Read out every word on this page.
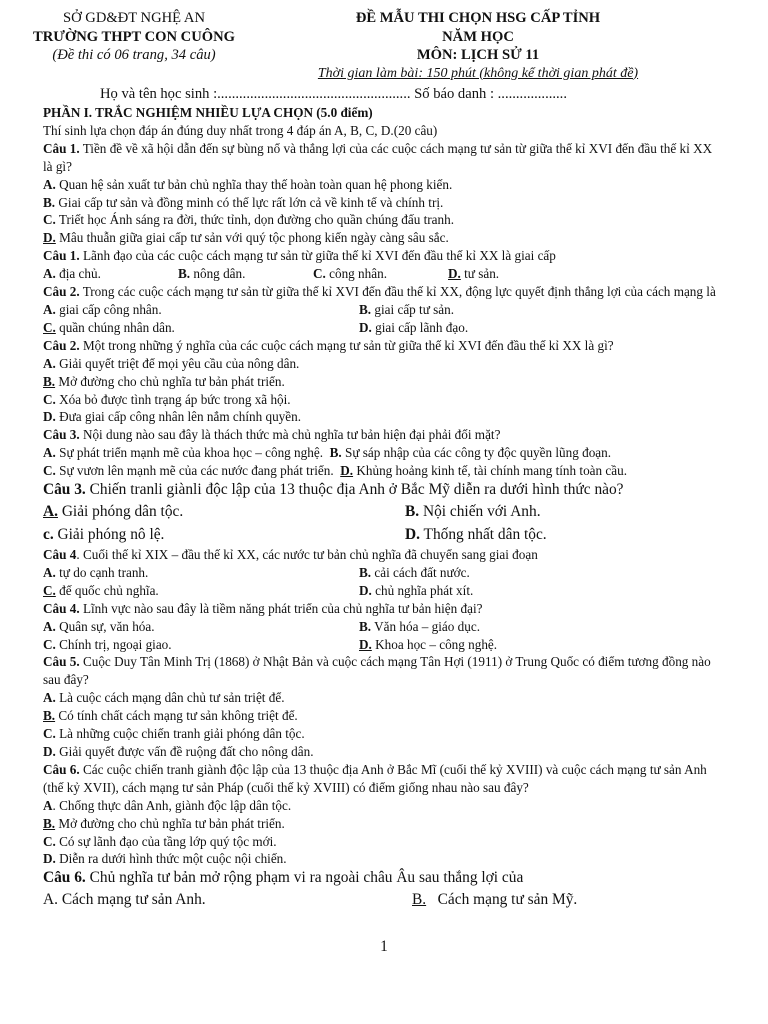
SỞ GD&ĐT NGHỆ AN
TRƯỜNG THPT CON CUÔNG
(Đề thi có 06 trang, 34 câu)
ĐỀ MẪU THI CHỌN HSG CẤP TỈNH
NĂM HỌC
MÔN: LỊCH SỬ 11
Thời gian làm bài: 150 phút (không kể thời gian phát đề)
Họ và tên học sinh :..................................................... Số báo danh : ...................
PHẦN I. TRẮC NGHIỆM NHIỀU LỰA CHỌN (5.0 điểm)
Thí sinh lựa chọn đáp án đúng duy nhất trong 4 đáp án A, B, C, D.(20 câu)
Câu 1. Tiền đề về xã hội dẫn đến sự bùng nổ và thắng lợi của các cuộc cách mạng tư sản từ giữa thế kỉ XVI đến đầu thế kỉ XX là gì?
A. Quan hệ sản xuất tư bản chủ nghĩa thay thế hoàn toàn quan hệ phong kiến.
B. Giai cấp tư sản và đồng minh có thế lực rất lớn cả về kinh tế và chính trị.
C. Triết học Ánh sáng ra đời, thức tỉnh, dọn đường cho quần chúng đấu tranh.
D. Mâu thuẫn giữa giai cấp tư sản với quý tộc phong kiến ngày càng sâu sắc.
Câu 1. Lãnh đạo của các cuộc cách mạng tư sản từ giữa thế kỉ XVI đến đầu thế kỉ XX là giai cấp
A. địa chủ.	B. nông dân.	C. công nhân.	D. tư sản.
Câu 2. Trong các cuộc cách mạng tư sản từ giữa thế kỉ XVI đến đầu thế kỉ XX, động lực quyết định thắng lợi của cách mạng là
A. giai cấp công nhân.	B. giai cấp tư sản.
C. quần chúng nhân dân.	D. giai cấp lãnh đạo.
Câu 2. Một trong những ý nghĩa của các cuộc cách mạng tư sản từ giữa thế kỉ XVI đến đầu thế kỉ XX là gì?
A. Giải quyết triệt để mọi yêu cầu của nông dân.
B. Mở đường cho chủ nghĩa tư bản phát triển.
C. Xóa bỏ được tình trạng áp bức trong xã hội.
D. Đưa giai cấp công nhân lên nắm chính quyền.
Câu 3. Nội dung nào sau đây là thách thức mà chủ nghĩa tư bản hiện đại phải đối mặt?
A. Sự phát triển mạnh mẽ của khoa học – công nghệ. B. Sự sáp nhập của các công ty độc quyền lũng đoạn.
C. Sự vươn lên mạnh mẽ của các nước đang phát triển. D. Khủng hoảng kinh tế, tài chính mang tính toàn cầu.
Câu 3. Chiến tranli giànli độc lập của 13 thuộc địa Anh ở Bắc Mỹ diễn ra dưới hình thức nào?
A. Giải phóng dân tộc.	B. Nội chiến với Anh.
c. Giải phóng nô lệ.	D. Thống nhất dân tộc.
Câu 4. Cuối thế kỉ XIX – đầu thế kỉ XX, các nước tư bản chủ nghĩa đã chuyển sang giai đoạn
A. tự do cạnh tranh.	B. cải cách đất nước.
C. đế quốc chủ nghĩa.	D. chủ nghĩa phát xít.
Câu 4. Lĩnh vực nào sau đây là tiềm năng phát triển của chủ nghĩa tư bản hiện đại?
A. Quân sự, văn hóa.	B. Văn hóa – giáo dục.
C. Chính trị, ngoại giao.	D. Khoa học – công nghệ.
Câu 5. Cuộc Duy Tân Minh Trị (1868) ở Nhật Bản và cuộc cách mạng Tân Hợi (1911) ở Trung Quốc có điểm tương đồng nào sau đây?
A. Là cuộc cách mạng dân chủ tư sản triệt để.
B. Có tính chất cách mạng tư sản không triệt để.
C. Là những cuộc chiến tranh giải phóng dân tộc.
D. Giải quyết được vấn đề ruộng đất cho nông dân.
Câu 6. Các cuộc chiến tranh giành độc lập của 13 thuộc địa Anh ở Bắc Mĩ (cuối thế kỷ XVIII) và cuộc cách mạng tư sản Anh (thế kỷ XVII), cách mạng tư sản Pháp (cuối thế kỷ XVIII) có điểm giống nhau nào sau đây?
A. Chống thực dân Anh, giành độc lập dân tộc.
B. Mở đường cho chủ nghĩa tư bản phát triển.
C. Có sự lãnh đạo của tầng lớp quý tộc mới.
D. Diễn ra dưới hình thức một cuộc nội chiến.
Câu 6. Chủ nghĩa tư bản mở rộng phạm vi ra ngoài châu Âu sau thắng lợi của
A. Cách mạng tư sản Anh.	B. Cách mạng tư sản Mỹ.
1
